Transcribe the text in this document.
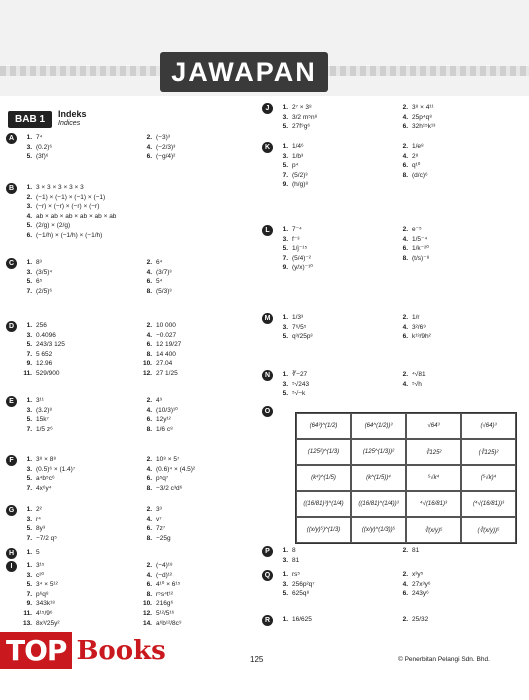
JAWAPAN
BAB 1	Indeks
Indices
A	1. 7⁴	2. (−3)³
3. (0.2)⁶	4. (−2/3)³
5. (3f)⁶	6. (−g/4)²
B	1. 3 × 3 × 3 × 3 × 3
2. (−1) × (−1) × (−1) × (−1)
3. (−r) × (−r) × (−r) × (−r)
4. ab × ab × ab × ab × ab × ab
5. (2/g) × (2/g)
6. (−1/h) × (−1/h) × (−1/h)
C	1. 8³	2. 6⁴
3. (3/5)⁴	4. (3/7)³
5. 6⁵	6. 5⁴
7. (2/5)⁶	8. (5/3)³
D	1. 256	2. 10 000
3. 0.4096	4. −0.027
5. 243/3 125	6. 12 19/27
7. 5 652	8. 14 400
9. 12.96	10. 27.04
11. 529/900	12. 27 1/25
E	1. 3¹¹	2. 4⁹
3. (3.2)⁸	4. (10/3)¹⁰
5. 15k⁷	6. 12y¹²
7. 1/5 z⁶	8. 1/6 c⁸
F	1. 3⁸ × 8⁸	2. 10⁸ × 5⁷
3. (0.5)⁶ × (1.4)⁷	4. (0.6)⁴ × (4.5)²
5. a⁴b⁵c⁶	6. p⁵q⁷
7. 4x⁶y⁴	8. −3/2 c³d⁶
G	1. 2²	2. 3³
3. r⁴	4. v⁷
5. 8y³	6. 7z⁷
7. −7/2 q⁵	8. −25g
H	1. 5
I	1. 3¹⁵	2. (−4)¹⁸
3. c²⁰	4. (−d)¹²
5. 3⁴ × 5¹²	6. 4¹⁰ × 6¹⁵
7. p⁶q⁸	8. r⁵s⁴t¹²
9. 343k¹⁸	10. 216g⁶
11. 4¹⁵/9⁶	12. 5¹²/5¹⁶
13. 8x³/25y²	14. a⁶b¹²/8c⁹
J	1. 2⁷ × 3⁸	2. 3⁸ × 4¹¹
3. 3/2 m⁵n⁸	4. 25p⁴q⁸
5. 27f⁹g⁶	6. 32h¹⁵k¹³
K	1. 1/4⁶	2. 1/e⁸
3. 1/b³	4. 2⁸
5. p⁴	6. q¹⁰
7. (5/2)³	8. (d/c)⁶
9. (h/g)⁸
L	1. 7⁻⁴	2. e⁻⁵
3. f⁻³	4. 1/5⁻⁴
5. 1/j⁻¹⁵	6. 1/k⁻²⁰
7. (5/4)⁻²	8. (t/s)⁻⁸
9. (y/x)⁻¹⁰
M	1. 1/3³	2. 1/r
3. 7⁶/5⁵	4. 3²/6⁹
5. q³/25p³	6. k¹³/9h²
N	1. ∛−27	2. ⁴√81
3. ⁵√243	4. ⁵√h
5. ⁵√−k
O
P	1. 8	2. 81
3. 81
Q	1. rs⁵	2. x³y⁵
3. 256p²q⁷	4. 27x³y⁶
5. 625q⁸	6. 243y⁶
R	1. 16/625	2. 25/32
(64³)^(1/2)	(64^(1/2))³	√64³	(√64)³
(125²)^(1/3)	(125^(1/3))²	∛125²	(∛125)²
(k⁴)^(1/5)	(k^(1/5))⁴	⁵√k⁴	(⁵√k)⁴
((16/81)³)^(1/4)	((16/81)^(1/4))³	⁴√(16/81)³	(⁴√(16/81))³
((x/y)⁵)^(1/3)	((x/y)^(1/3))⁵	∛(x/y)⁵	(∛(x/y))⁵
125	© Penerbitan Pelangi Sdn. Bhd.
TOP Books
